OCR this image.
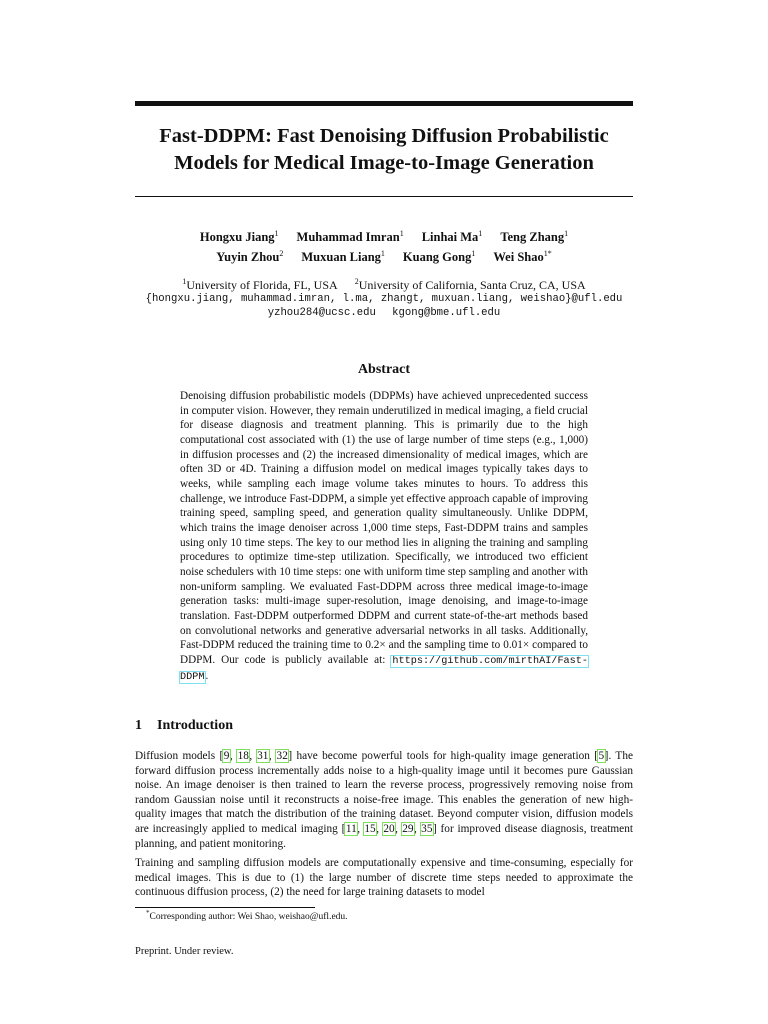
Fast-DDPM: Fast Denoising Diffusion Probabilistic Models for Medical Image-to-Image Generation
Hongxu Jiang$^1$ Muhammad Imran$^1$ Linhai Ma$^1$ Teng Zhang$^1$
Yuyin Zhou$^2$ Muxuan Liang$^1$ Kuang Gong$^1$ Wei Shao$^{1*}$
$^1$University of Florida, FL, USA $^2$University of California, Santa Cruz, CA, USA
{hongxu.jiang, muhammad.imran, l.ma, zhangt, muxuan.liang, weishao}@ufl.edu
yzhou284@ucsc.edu kgong@bme.ufl.edu
Abstract
Denoising diffusion probabilistic models (DDPMs) have achieved unprecedented success in computer vision. However, they remain underutilized in medical imaging, a field crucial for disease diagnosis and treatment planning. This is primarily due to the high computational cost associated with (1) the use of large number of time steps (e.g., 1,000) in diffusion processes and (2) the increased dimensionality of medical images, which are often 3D or 4D. Training a diffusion model on medical images typically takes days to weeks, while sampling each image volume takes minutes to hours. To address this challenge, we introduce Fast-DDPM, a simple yet effective approach capable of improving training speed, sampling speed, and generation quality simultaneously. Unlike DDPM, which trains the image denoiser across 1,000 time steps, Fast-DDPM trains and samples using only 10 time steps. The key to our method lies in aligning the training and sampling procedures to optimize time-step utilization. Specifically, we introduced two efficient noise schedulers with 10 time steps: one with uniform time step sampling and another with non-uniform sampling. We evaluated Fast-DDPM across three medical image-to-image generation tasks: multi-image super-resolution, image denoising, and image-to-image translation. Fast-DDPM outperformed DDPM and current state-of-the-art methods based on convolutional networks and generative adversarial networks in all tasks. Additionally, Fast-DDPM reduced the training time to 0.2× and the sampling time to 0.01× compared to DDPM. Our code is publicly available at: https://github.com/mirthAI/Fast-DDPM.
1 Introduction

Diffusion models [9, 18, 31, 32] have become powerful tools for high-quality image generation [5]. The forward diffusion process incrementally adds noise to a high-quality image until it becomes pure Gaussian noise. An image denoiser is then trained to learn the reverse process, progressively removing noise from random Gaussian noise until it reconstructs a noise-free image. This enables the generation of new high-quality images that match the distribution of the training dataset. Beyond computer vision, diffusion models are increasingly applied to medical imaging [11, 15, 20, 29, 35] for improved disease diagnosis, treatment planning, and patient monitoring.

Training and sampling diffusion models are computationally expensive and time-consuming, especially for medical images. This is due to (1) the large number of discrete time steps needed to approximate the continuous diffusion process, (2) the need for large training datasets to model

*Corresponding author: Wei Shao, weishao@ufl.edu.
Preprint. Under review.
